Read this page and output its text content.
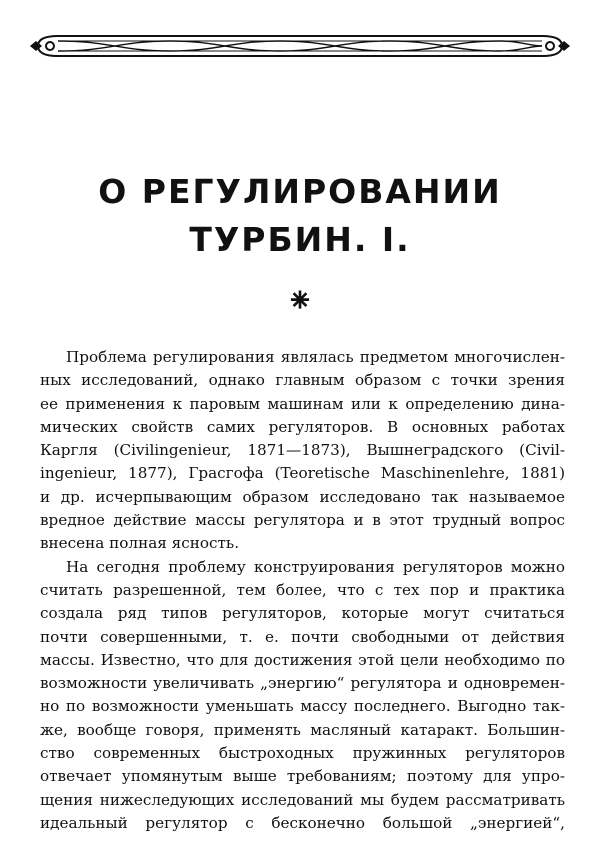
О РЕГУЛИРОВАНИИ
ТУРБИН. I.
⁕

Проблема регулирования являлась предметом многочислен-
ных исследований, однако главным образом с точки зрения
ее применения к паровым машинам или к определению дина-
мических свойств самих регуляторов. В основных работах
Каргля (Civilingenieur, 1871—1873), Вышнеградского (Civil-
ingenieur, 1877), Грасгофа (Teoretische Maschinenlehre, 1881)
и др. исчерпывающим образом исследовано так называемое
вредное действие массы регулятора и в этот трудный вопрос
внесена полная ясность.

На сегодня проблему конструирования регуляторов можно
считать разрешенной, тем более, что с тех пор и практика
создала ряд типов регуляторов, которые могут считаться
почти совершенными, т. е. почти свободными от действия
массы. Известно, что для достижения этой цели необходимо по
возможности увеличивать „энергию“ регулятора и одновремен-
но по возможности уменьшать массу последнего. Выгодно так-
же, вообще говоря, применять масляный катаракт. Большин-
ство современных быстроходных пружинных регуляторов
отвечает упомянутым выше требованиям; поэтому для упро-
щения нижеследующих исследований мы будем рассматривать
идеальный регулятор с бесконечно большой „энергией“,
